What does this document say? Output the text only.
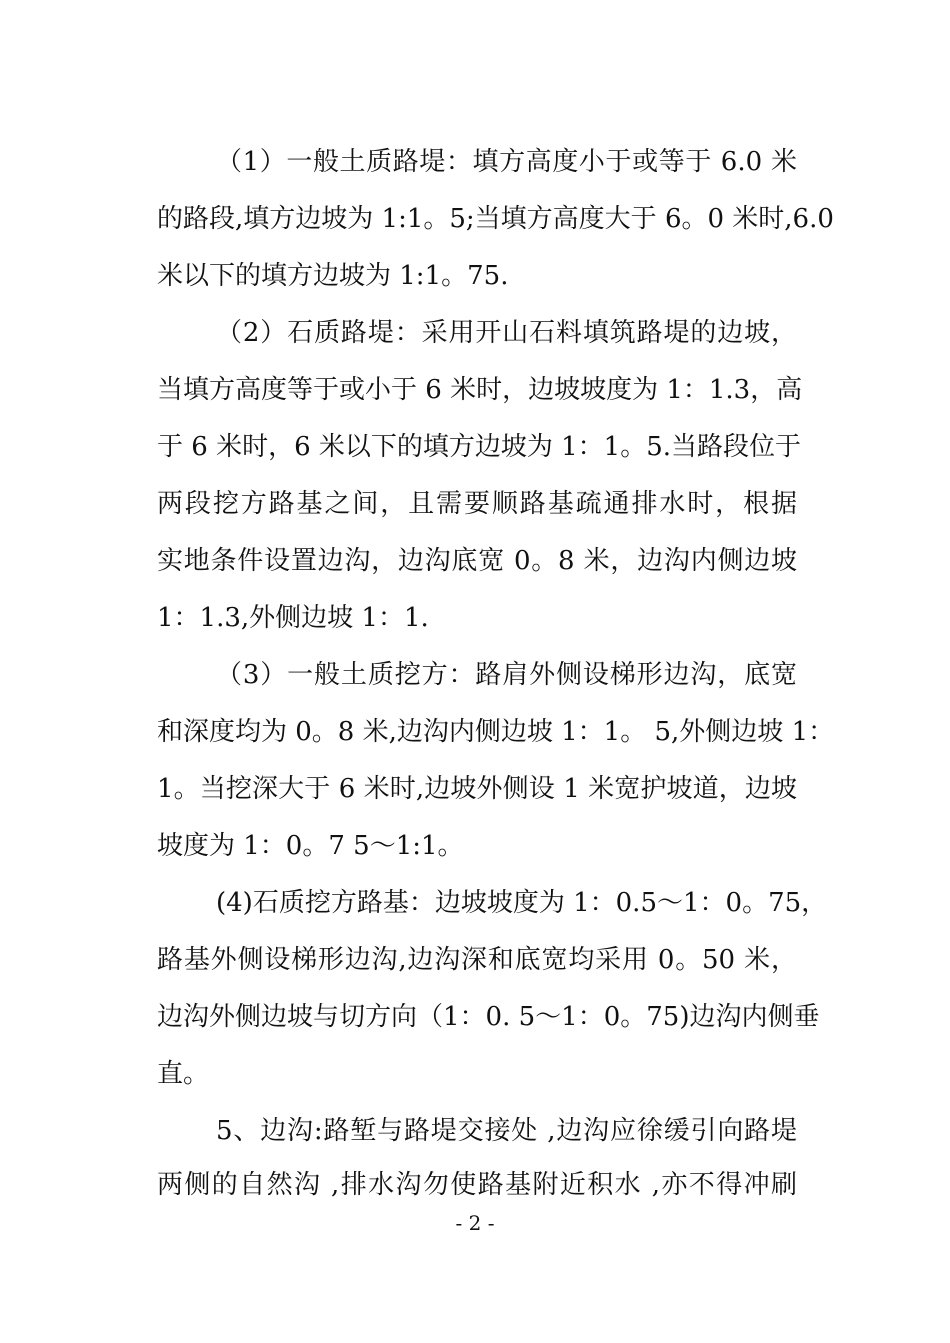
（1）一般土质路堤：填方高度小于或等于 6.0 米
的路段,填方边坡为 1:1。5;当填方高度大于 6。0 米时,6.0
米以下的填方边坡为 1:1。75.
（2）石质路堤：采用开山石料填筑路堤的边坡，
当填方高度等于或小于 6 米时，边坡坡度为 1：1.3，高
于 6 米时，6 米以下的填方边坡为 1：1。5.当路段位于
两段挖方路基之间，且需要顺路基疏通排水时，根据
实地条件设置边沟，边沟底宽 0。8 米，边沟内侧边坡
1：1.3,外侧边坡 1：1.
（3）一般土质挖方：路肩外侧设梯形边沟，底宽
和深度均为 0。8 米,边沟内侧边坡 1：1。 5,外侧边坡 1：
1。当挖深大于 6 米时,边坡外侧设 1 米宽护坡道，边坡
坡度为 1：0。7 5～1:1。
(4)石质挖方路基：边坡坡度为 1：0.5～1：0。75，
路基外侧设梯形边沟,边沟深和底宽均采用 0。50 米，
边沟外侧边坡与切方向（1：0. 5～1：0。75)边沟内侧垂
直。
5、边沟:路堑与路堤交接处 ,边沟应徐缓引向路堤
两侧的自然沟 ,排水沟勿使路基附近积水 ,亦不得冲刷
- 2 -
